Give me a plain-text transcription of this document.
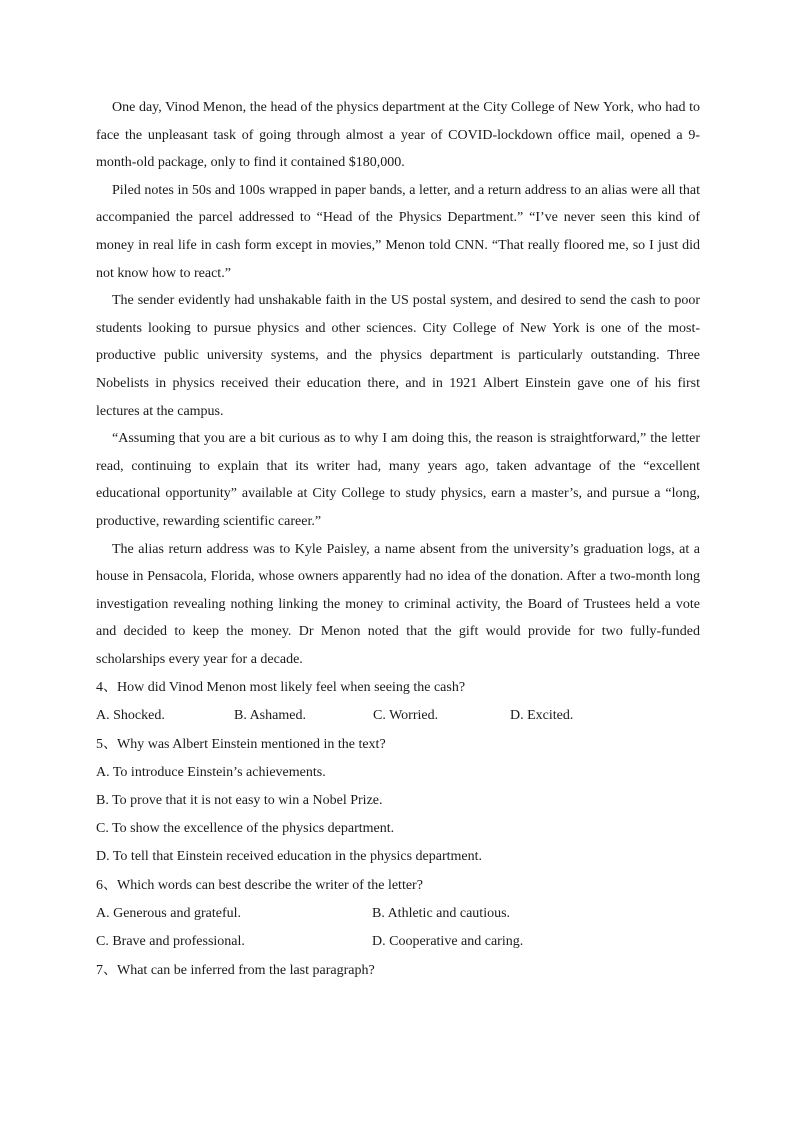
One day, Vinod Menon, the head of the physics department at the City College of New York, who had to face the unpleasant task of going through almost a year of COVID-lockdown office mail, opened a 9-month-old package, only to find it contained $180,000.

Piled notes in 50s and 100s wrapped in paper bands, a letter, and a return address to an alias were all that accompanied the parcel addressed to “Head of the Physics Department.” “I’ve never seen this kind of money in real life in cash form except in movies,” Menon told CNN. “That really floored me, so I just did not know how to react.”

The sender evidently had unshakable faith in the US postal system, and desired to send the cash to poor students looking to pursue physics and other sciences. City College of New York is one of the most-productive public university systems, and the physics department is particularly outstanding. Three Nobelists in physics received their education there, and in 1921 Albert Einstein gave one of his first lectures at the campus.

“Assuming that you are a bit curious as to why I am doing this, the reason is straightforward,” the letter read, continuing to explain that its writer had, many years ago, taken advantage of the “excellent educational opportunity” available at City College to study physics, earn a master’s, and pursue a “long, productive, rewarding scientific career.”

The alias return address was to Kyle Paisley, a name absent from the university’s graduation logs, at a house in Pensacola, Florida, whose owners apparently had no idea of the donation. After a two-month long investigation revealing nothing linking the money to criminal activity, the Board of Trustees held a vote and decided to keep the money. Dr Menon noted that the gift would provide for two fully-funded scholarships every year for a decade.

4、How did Vinod Menon most likely feel when seeing the cash?

A. Shocked.	B. Ashamed.	C. Worried.	D. Excited.

5、Why was Albert Einstein mentioned in the text?

A. To introduce Einstein’s achievements.

B. To prove that it is not easy to win a Nobel Prize.

C. To show the excellence of the physics department.

D. To tell that Einstein received education in the physics department.

6、Which words can best describe the writer of the letter?

A. Generous and grateful.	B. Athletic and cautious.
C. Brave and professional.	D. Cooperative and caring.

7、What can be inferred from the last paragraph?
